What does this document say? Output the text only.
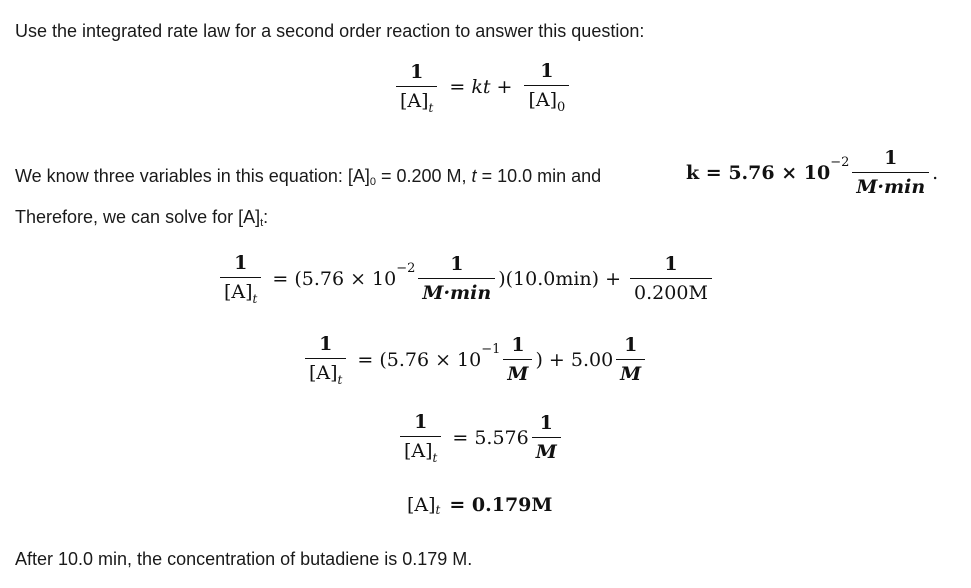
Use the integrated rate law for a second order reaction to answer this question:
$\frac{1}{[A]_t}$ = kt + $\frac{1}{[A]_0}$
We know three variables in this equation: [A]0 = 0.200 M, t = 10.0 min and	$k = 5.76 \times 10 -2 \frac{1}{M\cdot\min}$ .
Therefore, we can solve for [A]t:
$\frac{1}{[A]_t} = (5.76 \times 10 -2 \frac{1}{M\cdot\min} )(10.0\min) + \frac{1}{0.200M}$
$\frac{1}{[A]_t} = (5.76 \times 10 -1 \frac{1}{M}$ ) + $5.00 \frac{1}{M}$
$\frac{1}{[A]_t} = 5.576 \frac{1}{M}$
[A] t = 0.179M
After 10.0 min, the concentration of butadiene is 0.179 M.
